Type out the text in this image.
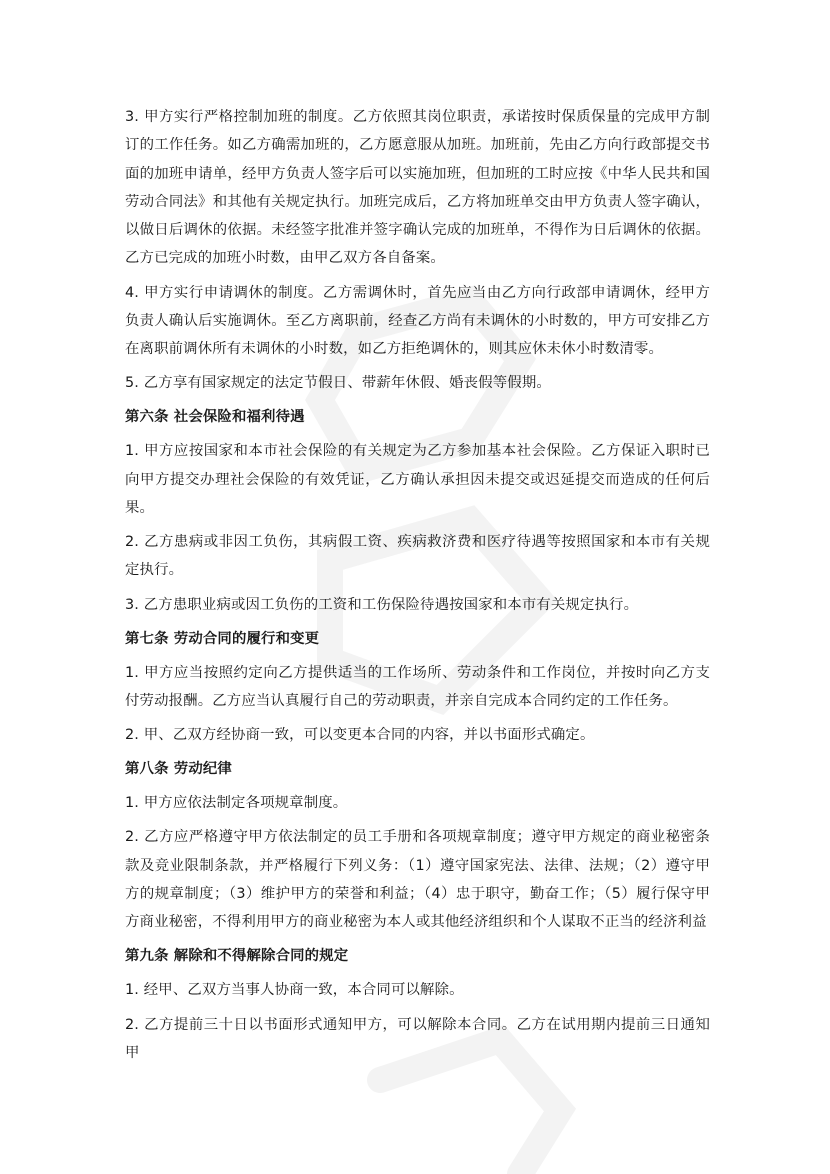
3. 甲方实行严格控制加班的制度。乙方依照其岗位职责，承诺按时保质保量的完成甲方制订的工作任务。如乙方确需加班的，乙方愿意服从加班。加班前，先由乙方向行政部提交书面的加班申请单，经甲方负责人签字后可以实施加班，但加班的工时应按《中华人民共和国劳动合同法》和其他有关规定执行。加班完成后，乙方将加班单交由甲方负责人签字确认，以做日后调休的依据。未经签字批准并签字确认完成的加班单，不得作为日后调休的依据。乙方已完成的加班小时数，由甲乙双方各自备案。

4. 甲方实行申请调休的制度。乙方需调休时，首先应当由乙方向行政部申请调休，经甲方负责人确认后实施调休。至乙方离职前，经查乙方尚有未调休的小时数的，甲方可安排乙方在离职前调休所有未调休的小时数，如乙方拒绝调休的，则其应休未休小时数清零。

5. 乙方享有国家规定的法定节假日、带薪年休假、婚丧假等假期。

第六条 社会保险和福利待遇

1. 甲方应按国家和本市社会保险的有关规定为乙方参加基本社会保险。乙方保证入职时已向甲方提交办理社会保险的有效凭证，乙方确认承担因未提交或迟延提交而造成的任何后果。

2. 乙方患病或非因工负伤，其病假工资、疾病救济费和医疗待遇等按照国家和本市有关规定执行。

3. 乙方患职业病或因工负伤的工资和工伤保险待遇按国家和本市有关规定执行。

第七条 劳动合同的履行和变更

1. 甲方应当按照约定向乙方提供适当的工作场所、劳动条件和工作岗位，并按时向乙方支付劳动报酬。乙方应当认真履行自己的劳动职责，并亲自完成本合同约定的工作任务。

2. 甲、乙双方经协商一致，可以变更本合同的内容，并以书面形式确定。

第八条 劳动纪律

1. 甲方应依法制定各项规章制度。

2. 乙方应严格遵守甲方依法制定的员工手册和各项规章制度；遵守甲方规定的商业秘密条款及竞业限制条款，并严格履行下列义务：（1）遵守国家宪法、法律、法规；（2）遵守甲方的规章制度；（3）维护甲方的荣誉和利益；（4）忠于职守，勤奋工作；（5）履行保守甲方商业秘密，不得利用甲方的商业秘密为本人或其他经济组织和个人谋取不正当的经济利益

第九条 解除和不得解除合同的规定

1. 经甲、乙双方当事人协商一致，本合同可以解除。

2. 乙方提前三十日以书面形式通知甲方，可以解除本合同。乙方在试用期内提前三日通知甲
